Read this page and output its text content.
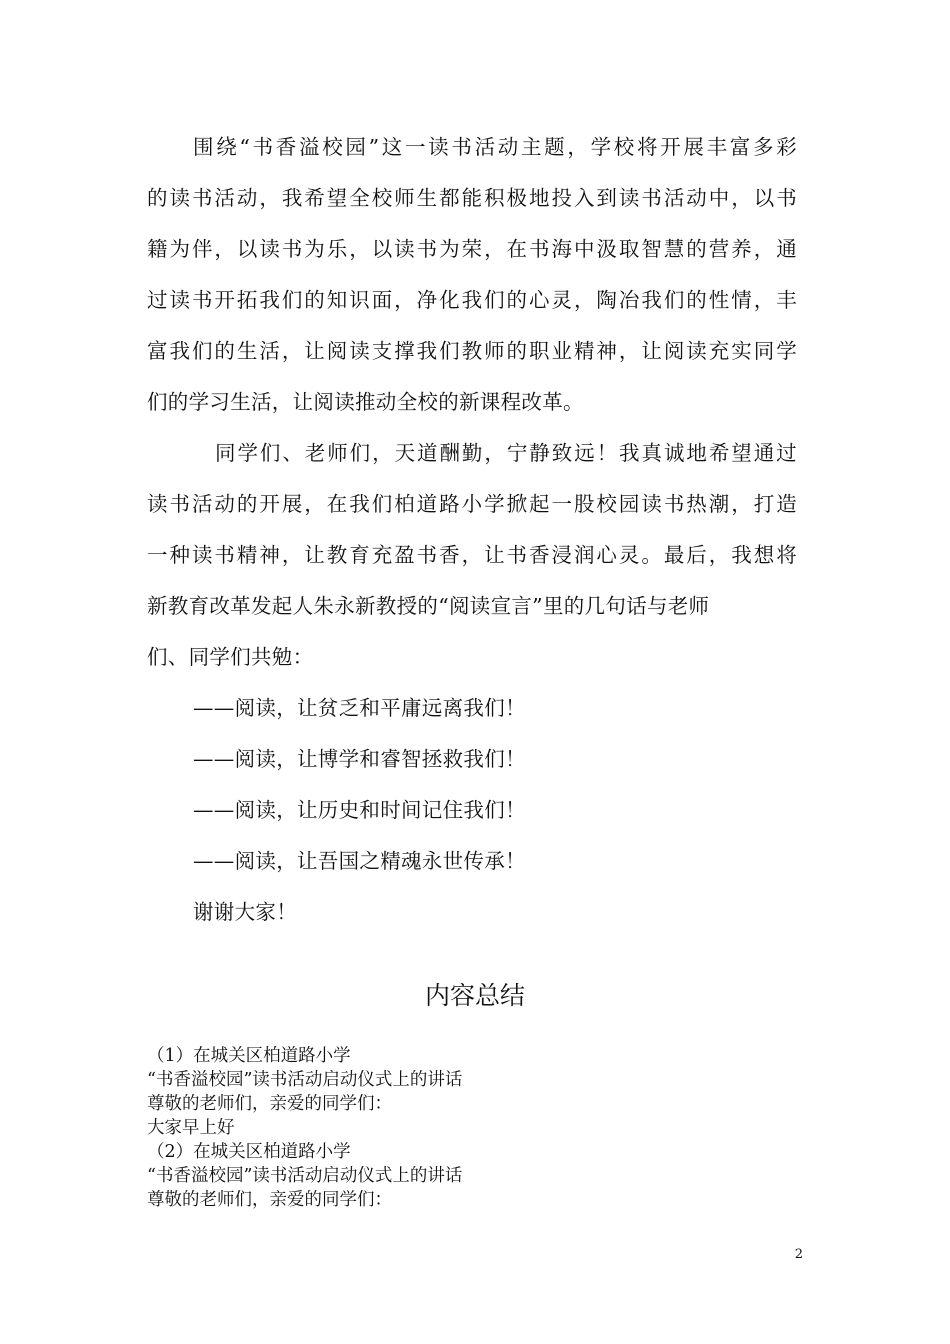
围绕“书香溢校园”这一读书活动主题，学校将开展丰富多彩
的读书活动，我希望全校师生都能积极地投入到读书活动中，以书
籍为伴，以读书为乐，以读书为荣，在书海中汲取智慧的营养，通
过读书开拓我们的知识面，净化我们的心灵，陶冶我们的性情，丰
富我们的生活，让阅读支撑我们教师的职业精神，让阅读充实同学
们的学习生活，让阅读推动全校的新课程改革。
同学们、老师们，天道酬勤，宁静致远！我真诚地希望通过
读书活动的开展，在我们柏道路小学掀起一股校园读书热潮，打造
一种读书精神，让教育充盈书香，让书香浸润心灵。最后，我想将
新教育改革发起人朱永新教授的“阅读宣言”里的几句话与老师
们、同学们共勉：
——阅读，让贫乏和平庸远离我们！
——阅读，让博学和睿智拯救我们！
——阅读，让历史和时间记住我们！
——阅读，让吾国之精魂永世传承！
谢谢大家！
内容总结
（1）在城关区柏道路小学
“书香溢校园”读书活动启动仪式上的讲话
尊敬的老师们，亲爱的同学们：
大家早上好
（2）在城关区柏道路小学
“书香溢校园”读书活动启动仪式上的讲话
尊敬的老师们，亲爱的同学们：
2
